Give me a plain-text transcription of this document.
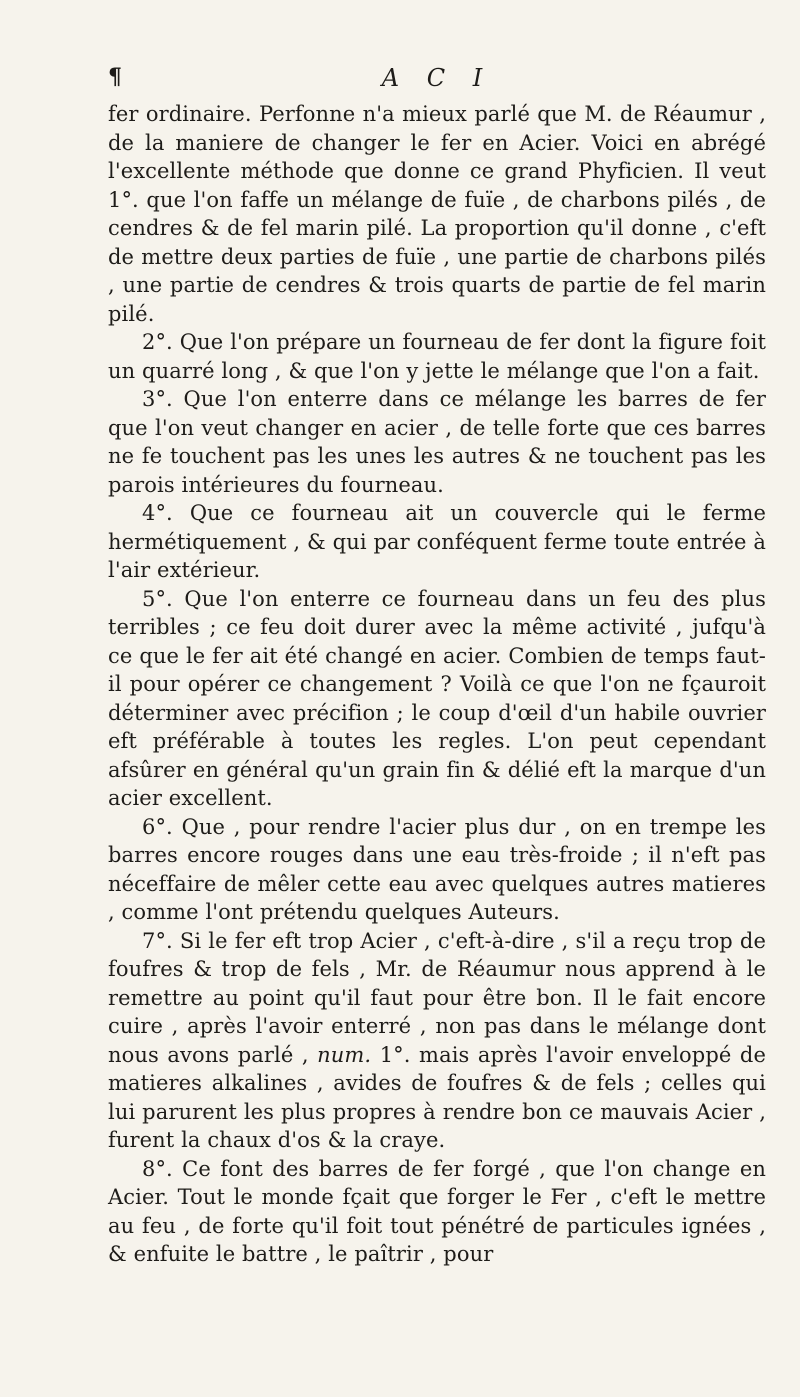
¶	A C I

fer ordinaire. Perfonne n'a mieux parlé que M. de Réaumur , de la maniere de changer le fer en Acier. Voici en abrégé l'excellente méthode que donne ce grand Phyficien. Il veut 1°. que l'on faffe un mélange de fuïe , de charbons pilés , de cendres & de fel marin pilé. La proportion qu'il donne , c'eft de mettre deux parties de fuïe , une partie de charbons pilés , une partie de cendres & trois quarts de partie de fel marin pilé.

2°. Que l'on prépare un fourneau de fer dont la figure foit un quarré long , & que l'on y jette le mélange que l'on a fait.

3°. Que l'on enterre dans ce mélange les barres de fer que l'on veut changer en acier , de telle forte que ces barres ne fe touchent pas les unes les autres & ne touchent pas les parois intérieures du fourneau.

4°. Que ce fourneau ait un couvercle qui le ferme hermétiquement , & qui par conféquent ferme toute entrée à l'air extérieur.

5°. Que l'on enterre ce fourneau dans un feu des plus terribles ; ce feu doit durer avec la même activité , jufqu'à ce que le fer ait été changé en acier. Combien de temps faut-il pour opérer ce changement ? Voilà ce que l'on ne fçauroit déterminer avec précifion ; le coup d'œil d'un habile ouvrier eft préférable à toutes les regles. L'on peut cependant afsûrer en général qu'un grain fin & délié eft la marque d'un acier excellent.

6°. Que , pour rendre l'acier plus dur , on en trempe les barres encore rouges dans une eau très-froide ; il n'eft pas néceffaire de mêler cette eau avec quelques autres matieres , comme l'ont prétendu quelques Auteurs.

7°. Si le fer eft trop Acier , c'eft-à-dire , s'il a reçu trop de foufres & trop de fels , Mr. de Réaumur nous apprend à le remettre au point qu'il faut pour être bon. Il le fait encore cuire , après l'avoir enterré , non pas dans le mélange dont nous avons parlé , num. 1°. mais après l'avoir enveloppé de matieres alkalines , avides de foufres & de fels ; celles qui lui parurent les plus propres à rendre bon ce mauvais Acier , furent la chaux d'os & la craye.

8°. Ce font des barres de fer forgé , que l'on change en Acier. Tout le monde fçait que forger le Fer , c'eft le mettre au feu , de forte qu'il foit tout pénétré de particules ignées , & enfuite le battre , le paîtrir , pour
